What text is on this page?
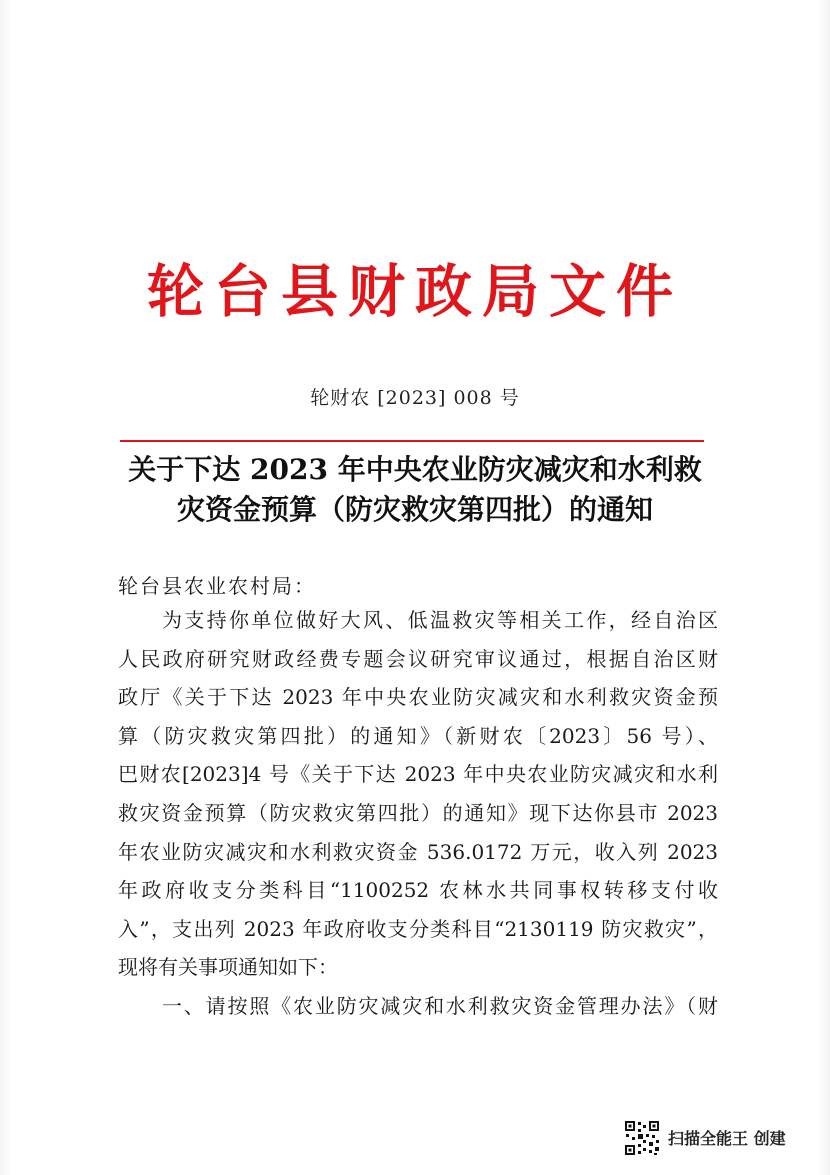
轮台县财政局文件
轮财农 [2023] 008 号
关于下达 2023 年中央农业防灾减灾和水利救
灾资金预算（防灾救灾第四批）的通知
轮台县农业农村局：
为支持你单位做好大风、低温救灾等相关工作，经自治区
人民政府研究财政经费专题会议研究审议通过，根据自治区财
政厅《关于下达 2023 年中央农业防灾减灾和水利救灾资金预
算（防灾救灾第四批）的通知》（新财农〔2023〕56 号）、
巴财农[2023]4 号《关于下达 2023 年中央农业防灾减灾和水利
救灾资金预算（防灾救灾第四批）的通知》现下达你县市 2023
年农业防灾减灾和水利救灾资金 536.0172 万元，收入列 2023
年政府收支分类科目“1100252 农林水共同事权转移支付收
入”，支出列 2023 年政府收支分类科目“2130119 防灾救灾”，
现将有关事项通知如下：
一、请按照《农业防灾减灾和水利救灾资金管理办法》（财
扫描全能王 创建
